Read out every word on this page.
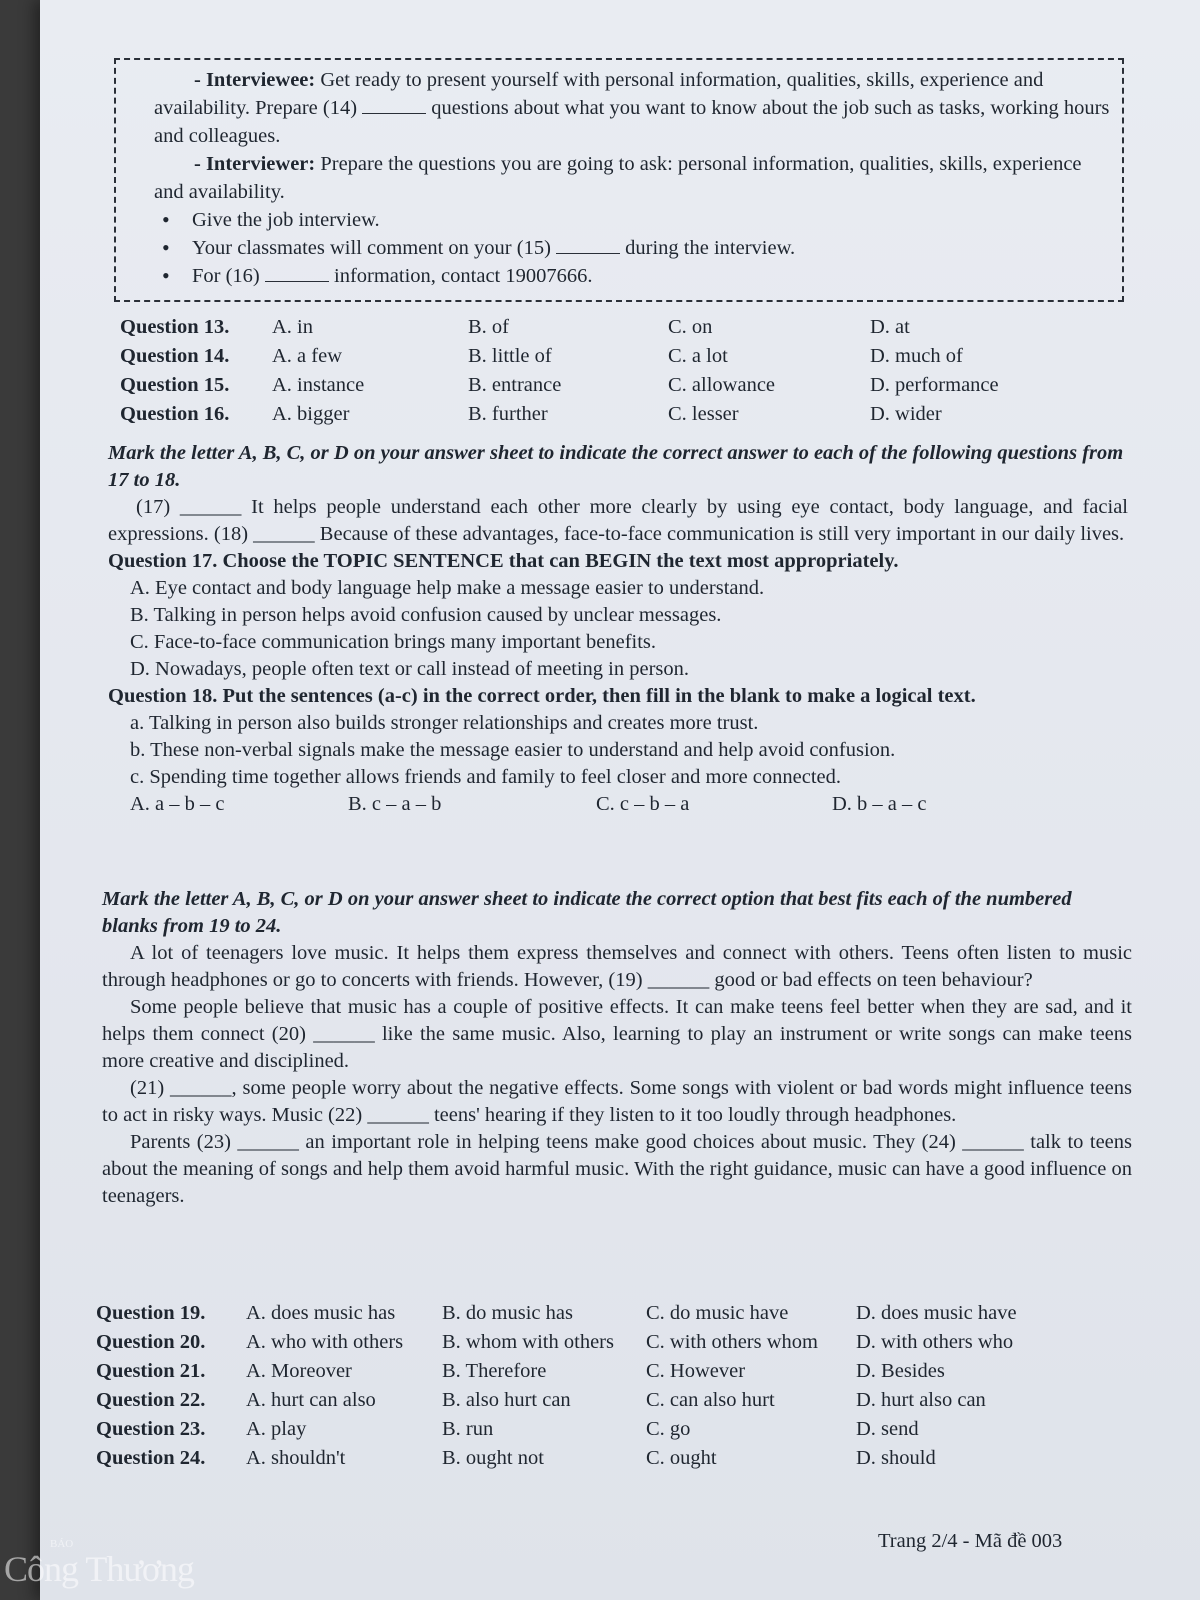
- Interviewee: Get ready to present yourself with personal information, qualities, skills, experience and availability. Prepare (14)	questions about what you want to know about the job such as tasks, working hours and colleagues.

- Interviewer: Prepare the questions you are going to ask: personal information, qualities, skills, experience and availability.

• Give the job interview.
• Your classmates will comment on your (15)	during the interview.
• For (16)	information, contact 19007666.
Question 13. A. in	B. of	C. on	D. at
Question 14. A. a few	B. little of	C. a lot	D. much of
Question 15. A. instance	B. entrance	C. allowance	D. performance
Question 16. A. bigger	B. further	C. lesser	D. wider

Mark the letter A, B, C, or D on your answer sheet to indicate the correct answer to each of the following questions from 17 to 18.

(17) ______ It helps people understand each other more clearly by using eye contact, body language, and facial expressions. (18) ______ Because of these advantages, face-to-face communication is still very important in our daily lives.

Question 17. Choose the TOPIC SENTENCE that can BEGIN the text most appropriately.

A. Eye contact and body language help make a message easier to understand.

B. Talking in person helps avoid confusion caused by unclear messages.

C. Face-to-face communication brings many important benefits.

D. Nowadays, people often text or call instead of meeting in person.

Question 18. Put the sentences (a-c) in the correct order, then fill in the blank to make a logical text.

a. Talking in person also builds stronger relationships and creates more trust.

b. These non-verbal signals make the message easier to understand and help avoid confusion.

c. Spending time together allows friends and family to feel closer and more connected.

A. a – b – c	B. c – a – b	C. c – b – a	D. b – a – c

Mark the letter A, B, C, or D on your answer sheet to indicate the correct option that best fits each of the numbered blanks from 19 to 24.

A lot of teenagers love music. It helps them express themselves and connect with others. Teens often listen to music through headphones or go to concerts with friends. However, (19) ______ good or bad effects on teen behaviour?

Some people believe that music has a couple of positive effects. It can make teens feel better when they are sad, and it helps them connect (20) ______ like the same music. Also, learning to play an instrument or write songs can make teens more creative and disciplined.

(21) ______, some people worry about the negative effects. Some songs with violent or bad words might influence teens to act in risky ways. Music (22) ______ teens' hearing if they listen to it too loudly through headphones.

Parents (23) ______ an important role in helping teens make good choices about music. They (24) ______ talk to teens about the meaning of songs and help them avoid harmful music. With the right guidance, music can have a good influence on teenagers.

Question 19. A. does music has B. do music has	C. do music have	D. does music have
Question 20. A. who with others B. whom with others C. with others whom D. with others who
Question 21. A. Moreover	B. Therefore	C. However	D. Besides
Question 22. A. hurt can also	B. also hurt can	C. can also hurt	D. hurt also can
Question 23. A. play	B. run	C. go	D. send
Question 24. A. shouldn't	B. ought not	C. ought	D. should
Trang 2/4 - Mã đề 003
BÁO
Công Thương
